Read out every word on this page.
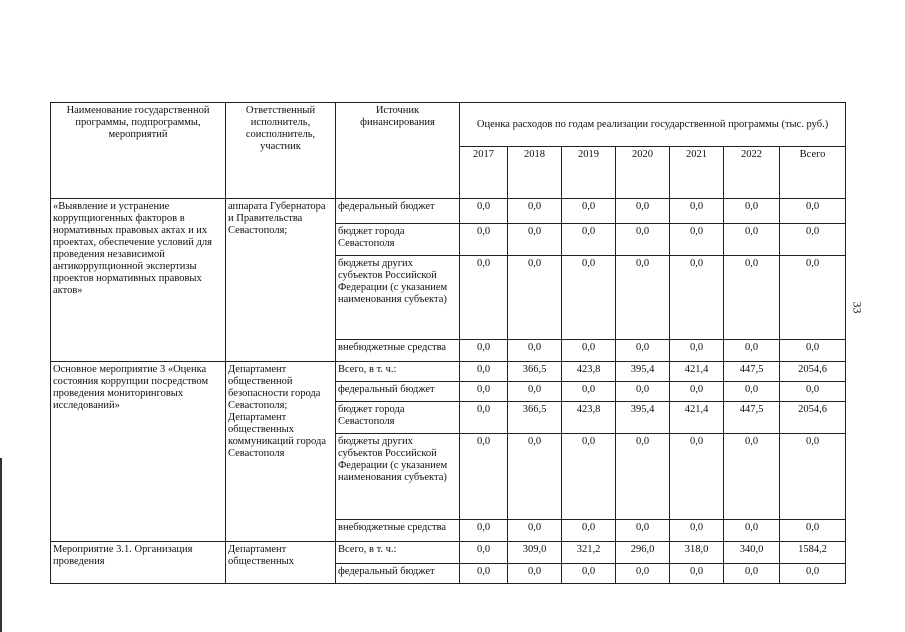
33
Наименование государственной программы, подпрограммы, мероприятий	Ответственный исполнитель, соисполнитель, участник	Источник финансирования	Оценка расходов по годам реализации государственной программы (тыс. руб.)						
			2017	2018	2019	2020	2021	2022	Всего
«Выявление и устранение коррупциогенных факторов в нормативных правовых актах и их проектах, обеспечение условий для проведения независимой антикоррупционной экспертизы проектов нормативных правовых актов»	аппарата Губернатора и Правительства Севастополя;	федеральный бюджет	0,0	0,0	0,0	0,0	0,0	0,0	0,0
		бюджет города Севастополя	0,0	0,0	0,0	0,0	0,0	0,0	0,0
		бюджеты других субъектов Российской Федерации (с указанием наименования субъекта)	0,0	0,0	0,0	0,0	0,0	0,0	0,0
		внебюджетные средства	0,0	0,0	0,0	0,0	0,0	0,0	0,0
Основное мероприятие 3 «Оценка состояния коррупции посредством проведения мониторинговых исследований»	Департамент общественной безопасности города Севастополя; Департамент общественных коммуникаций города Севастополя	Всего, в т. ч.:	0,0	366,5	423,8	395,4	421,4	447,5	2054,6
		федеральный бюджет	0,0	0,0	0,0	0,0	0,0	0,0	0,0
		бюджет города Севастополя	0,0	366,5	423,8	395,4	421,4	447,5	2054,6
		бюджеты других субъектов Российской Федерации (с указанием наименования субъекта)	0,0	0,0	0,0	0,0	0,0	0,0	0,0
		внебюджетные средства	0,0	0,0	0,0	0,0	0,0	0,0	0,0
Мероприятие 3.1. Организация проведения	Департамент общественных	Всего, в т. ч.:	0,0	309,0	321,2	296,0	318,0	340,0	1584,2
		федеральный бюджет	0,0	0,0	0,0	0,0	0,0	0,0	0,0
